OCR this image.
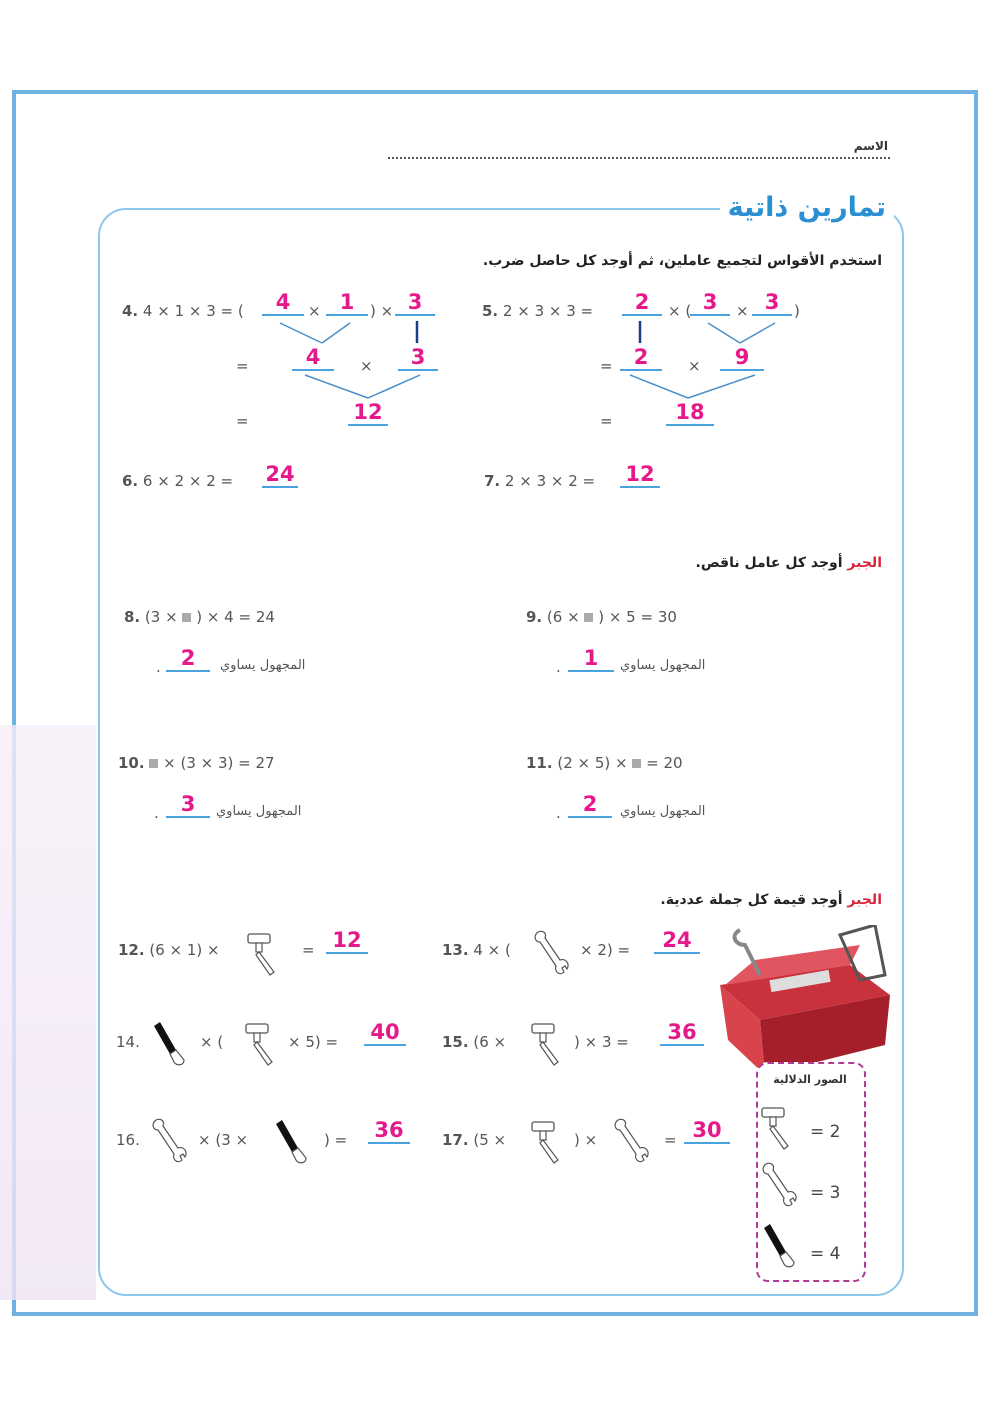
الاسم
تمارين ذاتية
استخدم الأقواس لتجميع عاملين، ثم أوجد كل حاصل ضرب.
4. 4 × 1 × 3 = (	4	× 1	) × 3
=	4	×	3
=	12
5. 2 × 3 × 3 =	2	× ( 3	× 3 )
=	2	×	9
=	18
6. 6 × 2 × 2 = 24	7. 2 × 3 × 2 = 12
الجبر أوجد كل عامل ناقص.
8. (3 × ) × 4 = 24
المجهول يساوي
2
.
9. (6 × ) × 5 = 30
المجهول يساوي
1
.
10. × (3 × 3) = 27
المجهول يساوي
3
.
11. (2 × 5) × = 20
المجهول يساوي
2
.
الجبر أوجد قيمة كل جملة عددية.
12. (6 × 1) ×	= 12	13. 4 × (	× 2) =	24
14.	× (	× 5) =	40	15. (6 ×	) × 3 =	36
16.	× (3 ×	) =	36	17. (5 ×	) ×	= 30
الصور الدلالية
= 2
= 3
= 4
